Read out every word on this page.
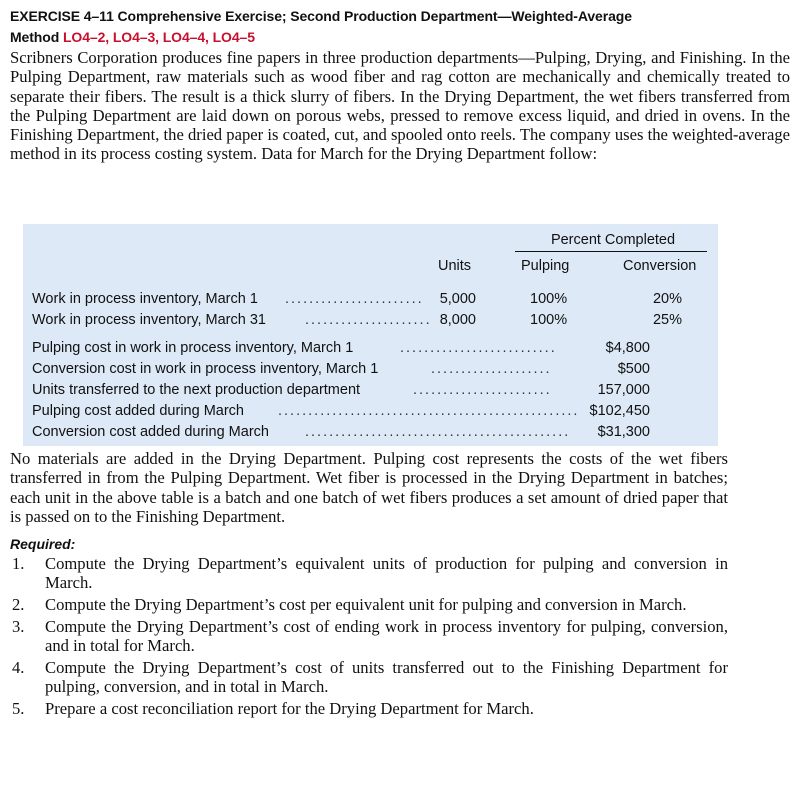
EXERCISE 4–11 Comprehensive Exercise; Second Production Department—Weighted-Average
Method LO4–2, LO4–3, LO4–4, LO4–5

Scribners Corporation produces fine papers in three production departments—Pulping, Drying, and Finishing. In the Pulping Department, raw materials such as wood fiber and rag cotton are mechanically and chemically treated to separate their fibers. The result is a thick slurry of fibers. In the Drying Department, the wet fibers transferred from the Pulping Department are laid down on porous webs, pressed to remove excess liquid, and dried in ovens. In the Finishing Department, the dried paper is coated, cut, and spooled onto reels. The company uses the weighted-average method in its process costing system. Data for March for the Drying Department follow:

Percent Completed
Units	Pulping	Conversion
Work in process inventory, March 1 .......................	5,000	100%	20%
Work in process inventory, March 31	..................... 8,000	100%	25%
Pulping cost in work in process inventory, March 1	..........................	$4,800
Conversion cost in work in process inventory, March 1	....................	$500
Units transferred to the next production department	.......................	157,000
Pulping cost added during March .................................................. $102,450
Conversion cost added during March ............................................	$31,300

No materials are added in the Drying Department. Pulping cost represents the costs of the wet fibers transferred in from the Pulping Department. Wet fiber is processed in the Drying Department in batches; each unit in the above table is a batch and one batch of wet fibers produces a set amount of dried paper that is passed on to the Finishing Department.

Required:
1. Compute the Drying Department’s equivalent units of production for pulping and conversion in March.
2. Compute the Drying Department’s cost per equivalent unit for pulping and conversion in March.
3. Compute the Drying Department’s cost of ending work in process inventory for pulping, conversion, and in total for March.
4. Compute the Drying Department’s cost of units transferred out to the Finishing Department for pulping, conversion, and in total in March.
5. Prepare a cost reconciliation report for the Drying Department for March.
